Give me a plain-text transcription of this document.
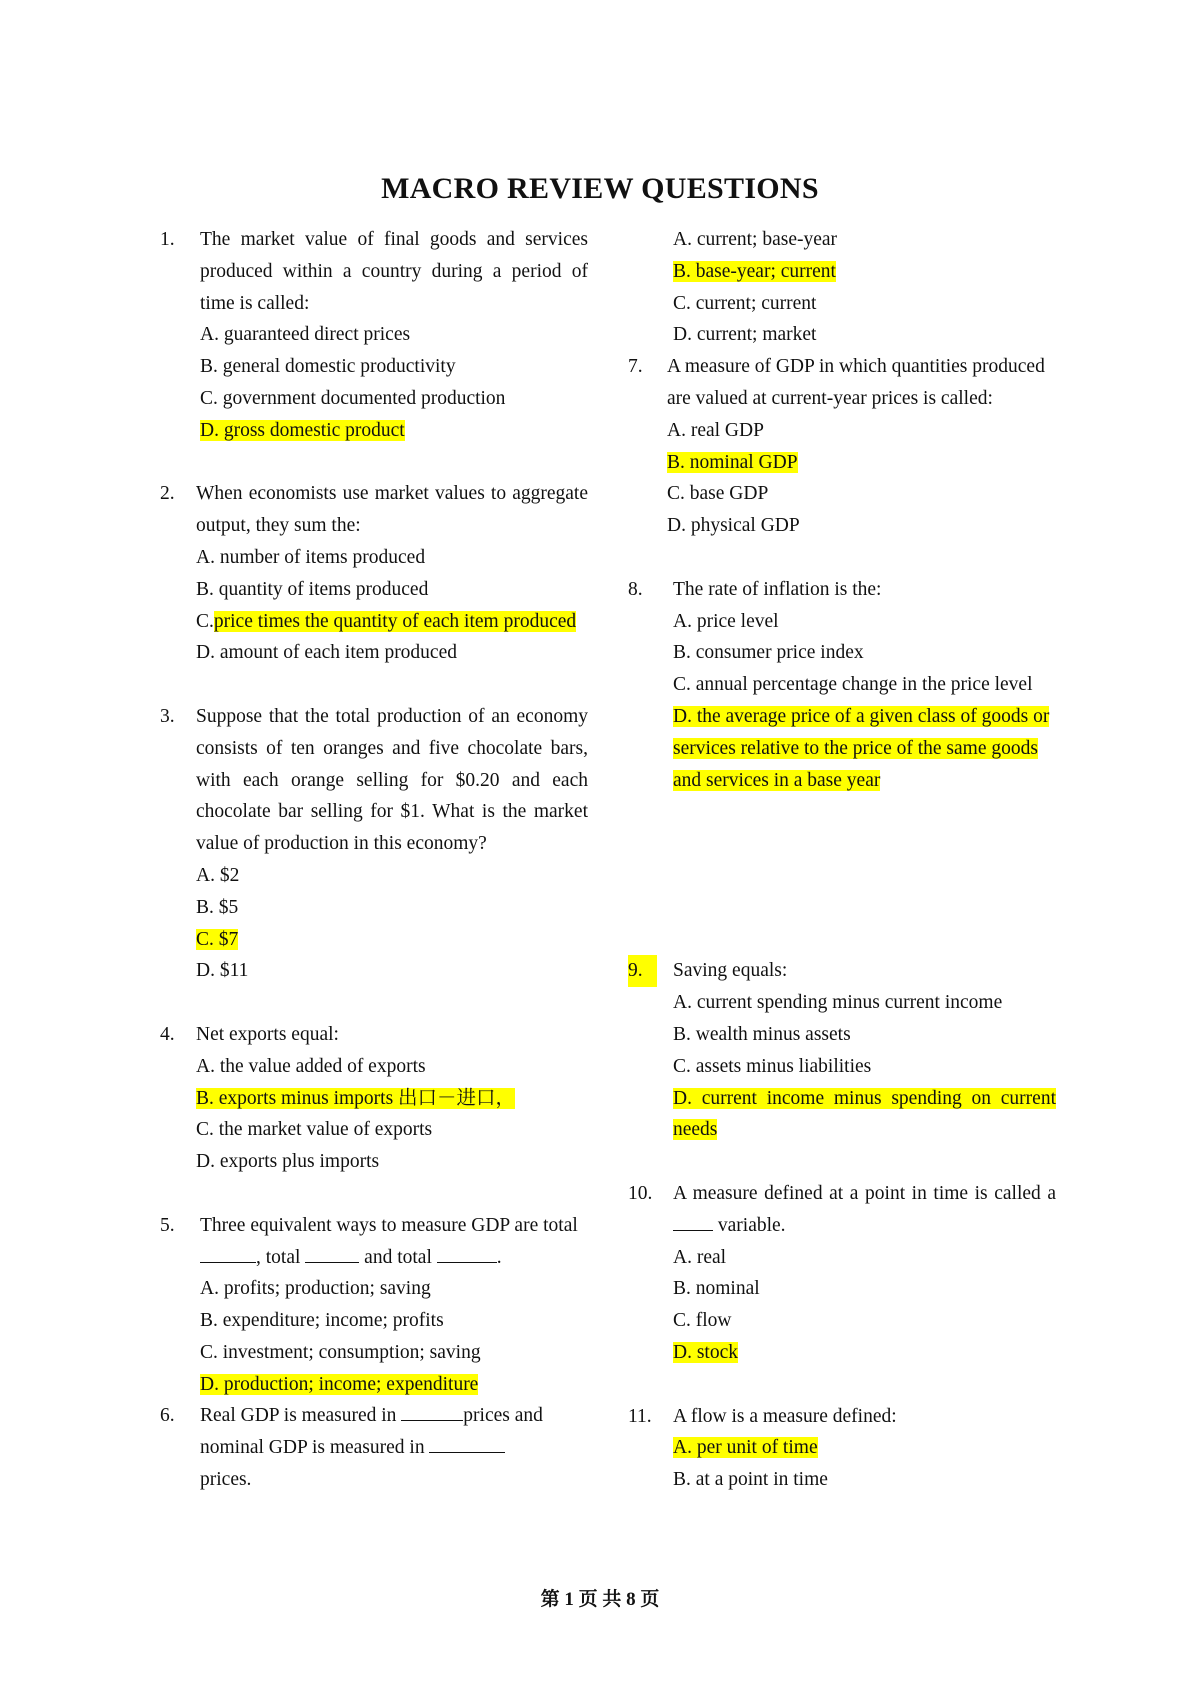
MACRO REVIEW QUESTIONS
1. The market value of final goods and services produced within a country during a period of time is called:
A. guaranteed direct prices
B. general domestic productivity
C. government documented production
D. gross domestic product
2. When economists use market values to aggregate output, they sum the:
A. number of items produced
B. quantity of items produced
C.price times the quantity of each item produced
D. amount of each item produced
3. Suppose that the total production of an economy consists of ten oranges and five chocolate bars, with each orange selling for $0.20 and each chocolate bar selling for $1. What is the market value of production in this economy?
A. $2
B. $5
C. $7
D. $11
4. Net exports equal:
A. the value added of exports
B. exports minus imports 出口－进口，
C. the market value of exports
D. exports plus imports
5. Three equivalent ways to measure GDP are total , total	and total	.
A. profits; production; saving
B. expenditure; income; profits
C. investment; consumption; saving
D. production; income; expenditure
6. Real GDP is measured in	prices and nominal GDP is measured in
prices.
A. current; base-year
B. base-year; current
C. current; current
D. current; market
7. A measure of GDP in which quantities produced are valued at current-year prices is called:
A. real GDP
B. nominal GDP
C. base GDP
D. physical GDP
8. The rate of inflation is the:
A. price level
B. consumer price index
C. annual percentage change in the price level
D. the average price of a given class of goods or services relative to the price of the same goods and services in a base year
9.	Saving equals:
A. current spending minus current income
B. wealth minus assets
C. assets minus liabilities
D. current income minus spending on current needs
10. A measure defined at a point in time is called a  variable.
A. real
B. nominal
C. flow
D. stock
11. A flow is a measure defined:
A. per unit of time
B. at a point in time
第 1 页 共 8 页
